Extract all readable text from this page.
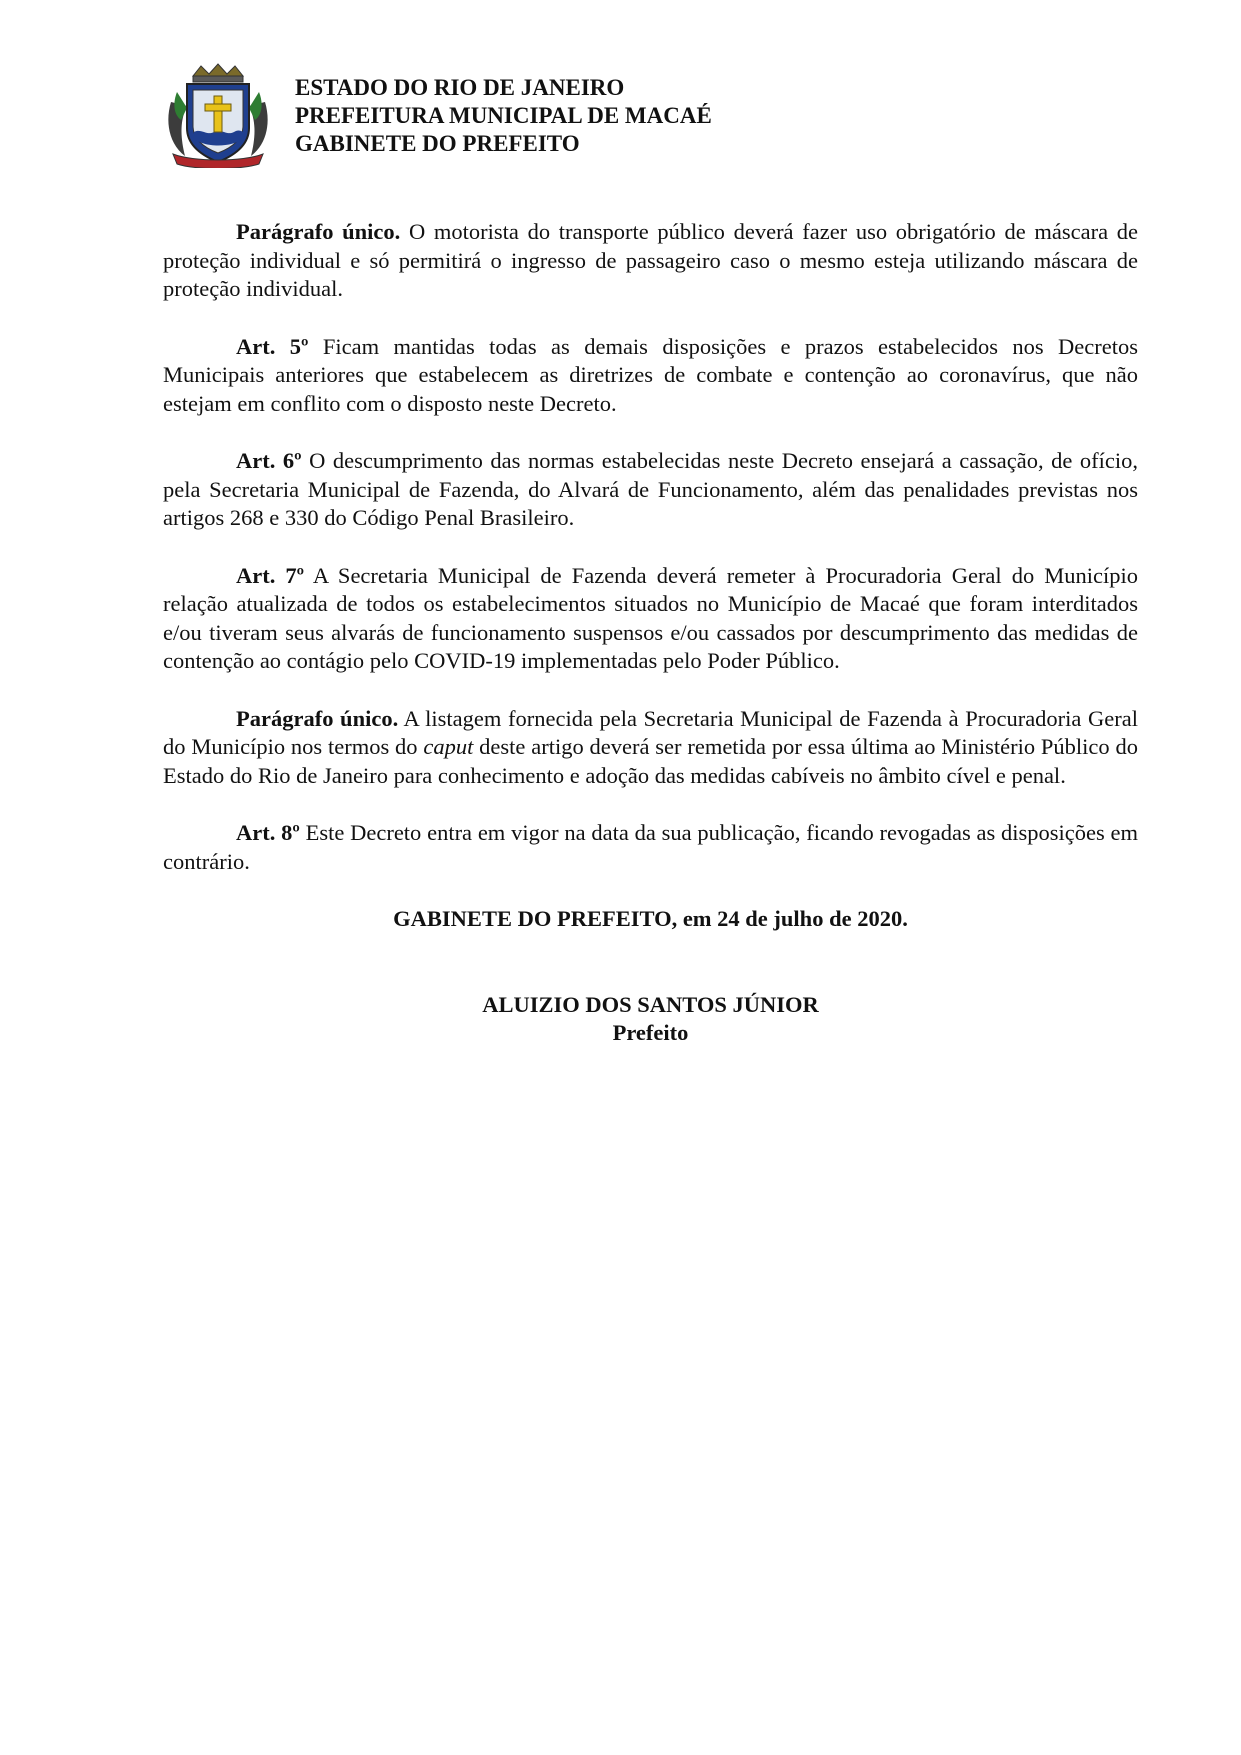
ESTADO DO RIO DE JANEIRO
PREFEITURA MUNICIPAL DE MACAÉ
GABINETE DO PREFEITO

Parágrafo único. O motorista do transporte público deverá fazer uso obrigatório de máscara de proteção individual e só permitirá o ingresso de passageiro caso o mesmo esteja utilizando máscara de proteção individual.

Art. 5º Ficam mantidas todas as demais disposições e prazos estabelecidos nos Decretos Municipais anteriores que estabelecem as diretrizes de combate e contenção ao coronavírus, que não estejam em conflito com o disposto neste Decreto.

Art. 6º O descumprimento das normas estabelecidas neste Decreto ensejará a cassação, de ofício, pela Secretaria Municipal de Fazenda, do Alvará de Funcionamento, além das penalidades previstas nos artigos 268 e 330 do Código Penal Brasileiro.

Art. 7º A Secretaria Municipal de Fazenda deverá remeter à Procuradoria Geral do Município relação atualizada de todos os estabelecimentos situados no Município de Macaé que foram interditados e/ou tiveram seus alvarás de funcionamento suspensos e/ou cassados por descumprimento das medidas de contenção ao contágio pelo COVID-19 implementadas pelo Poder Público.

Parágrafo único. A listagem fornecida pela Secretaria Municipal de Fazenda à Procuradoria Geral do Município nos termos do caput deste artigo deverá ser remetida por essa última ao Ministério Público do Estado do Rio de Janeiro para conhecimento e adoção das medidas cabíveis no âmbito cível e penal.

Art. 8º Este Decreto entra em vigor na data da sua publicação, ficando revogadas as disposições em contrário.

GABINETE DO PREFEITO, em 24 de julho de 2020.

ALUIZIO DOS SANTOS JÚNIOR
Prefeito
